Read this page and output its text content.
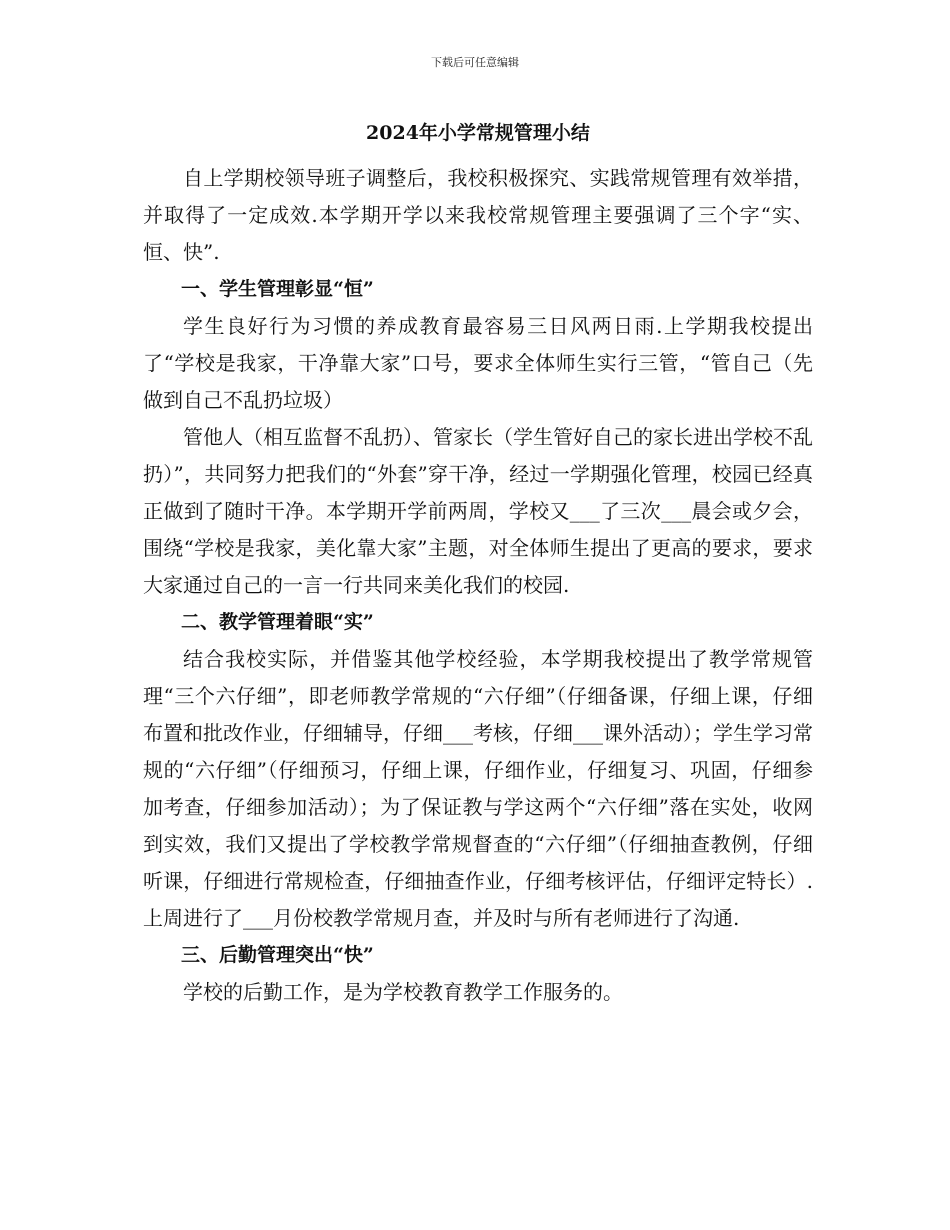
下载后可任意编辑
2024年小学常规管理小结

自上学期校领导班子调整后，我校积极探究、实践常规管理有效举措，并取得了一定成效.本学期开学以来我校常规管理主要强调了三个字“实、恒、快”.

一、学生管理彰显“恒”

学生良好行为习惯的养成教育最容易三日风两日雨.上学期我校提出了“学校是我家，干净靠大家”口号，要求全体师生实行三管，“管自己（先做到自己不乱扔垃圾）

管他人（相互监督不乱扔）、管家长（学生管好自己的家长进出学校不乱扔）”，共同努力把我们的“外套”穿干净，经过一学期强化管理，校园已经真正做到了随时干净。本学期开学前两周，学校又___了三次___晨会或夕会，围绕“学校是我家，美化靠大家”主题，对全体师生提出了更高的要求，要求大家通过自己的一言一行共同来美化我们的校园.

二、教学管理着眼“实”

结合我校实际，并借鉴其他学校经验，本学期我校提出了教学常规管理“三个六仔细”，即老师教学常规的“六仔细”（仔细备课，仔细上课，仔细布置和批改作业，仔细辅导，仔细___考核，仔细___课外活动）；学生学习常规的“六仔细”（仔细预习，仔细上课，仔细作业，仔细复习、巩固，仔细参加考查，仔细参加活动）；为了保证教与学这两个“六仔细”落在实处，收网到实效，我们又提出了学校教学常规督查的“六仔细”（仔细抽查教例，仔细听课，仔细进行常规检查，仔细抽查作业，仔细考核评估，仔细评定特长）.上周进行了___月份校教学常规月查，并及时与所有老师进行了沟通.

三、后勤管理突出“快”

学校的后勤工作，是为学校教育教学工作服务的。
